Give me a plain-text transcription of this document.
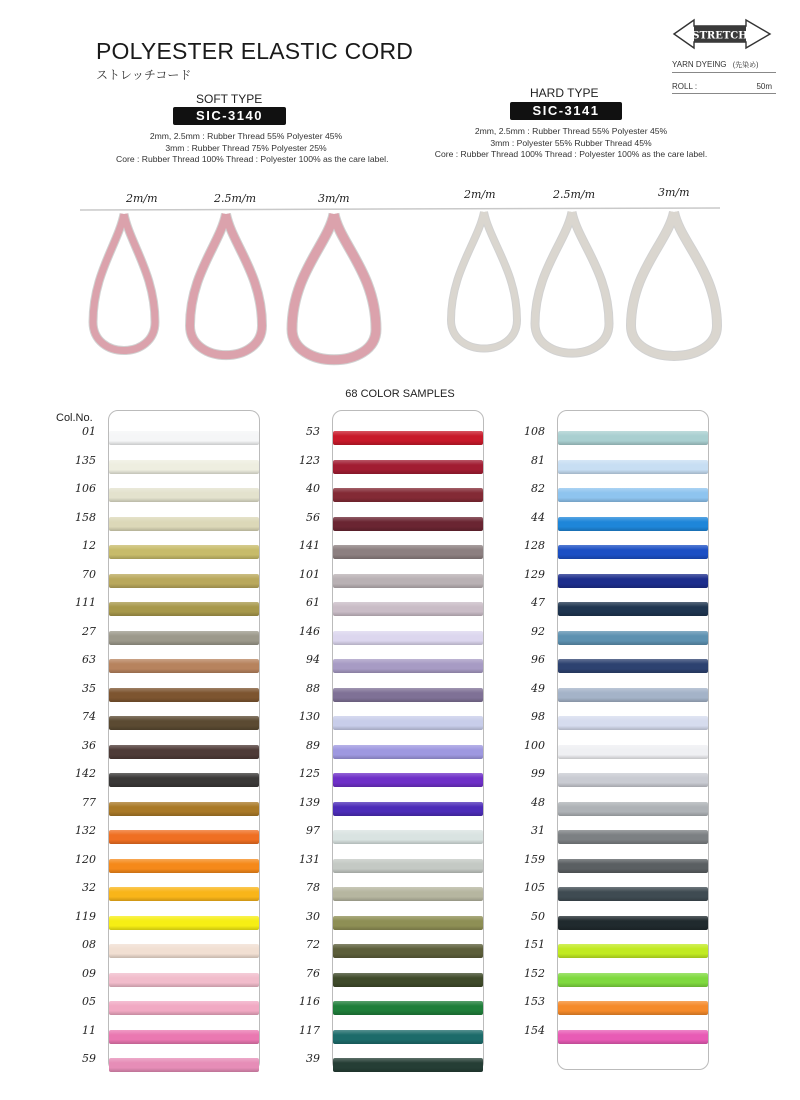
POLYESTER ELASTIC CORD
ストレッチコード
STRETCH
YARN DYEING (先染め)
ROLL :	50m
SOFT TYPE
SIC-3140
2mm, 2.5mm : Rubber Thread 55% Polyester 45%
3mm : Rubber Thread 75% Polyester 25%
Core : Rubber Thread 100% Thread : Polyester 100% as the care label.
HARD TYPE
SIC-3141
2mm, 2.5mm : Rubber Thread 55% Polyester 45%
3mm : Polyester 55% Rubber Thread 45%
Core : Rubber Thread 100% Thread : Polyester 100% as the care label.
2m/m	2.5m/m	3m/m	2m/m	2.5m/m	3m/m
68 COLOR SAMPLES
Col.No.
01
135
106
158
12
70
111
27
63
35
74
36
142
77
132
120
32
119
08
09
05
11
59
53
123
40
56
141
101
61
146
94
88
130
89
125
139
97
131
78
30
72
76
116
117
39
108
81
82
44
128
129
47
92
96
49
98
100
99
48
31
159
105
50
151
152
153
154
